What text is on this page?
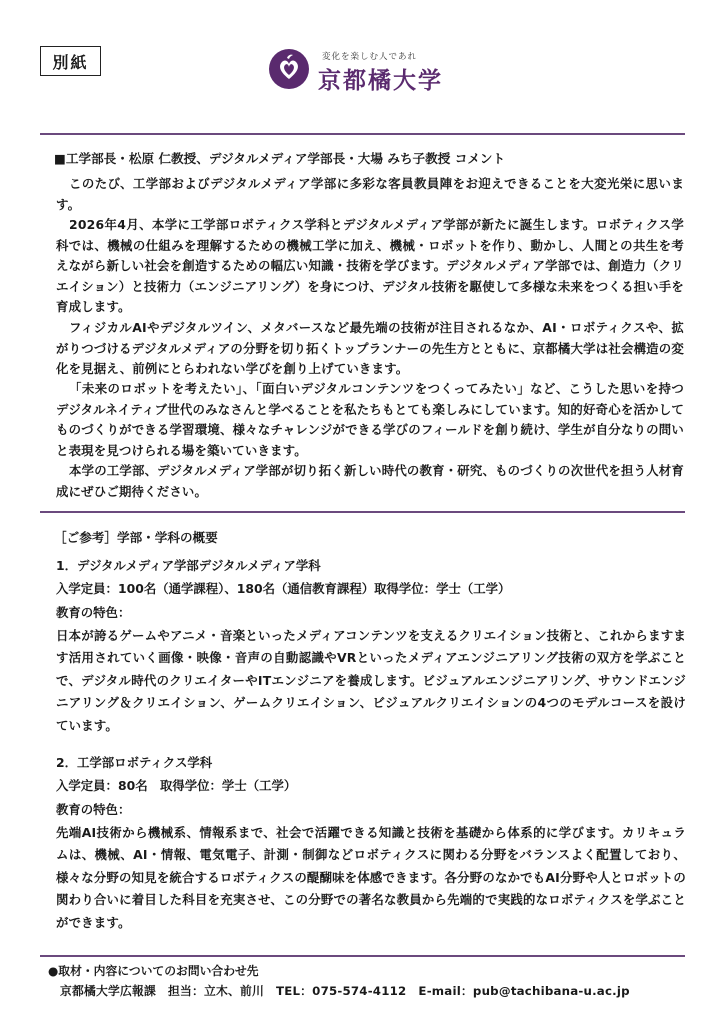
別紙	変化を楽しむ人であれ
京都橘大学
■工学部長・松原 仁教授、デジタルメディア学部長・大場 みち子教授 コメント

このたび、工学部およびデジタルメディア学部に多彩な客員教員陣をお迎えできることを大変光栄に思います。

2026年4月、本学に工学部ロボティクス学科とデジタルメディア学部が新たに誕生します。ロボティクス学科では、機械の仕組みを理解するための機械工学に加え、機械・ロボットを作り、動かし、人間との共生を考えながら新しい社会を創造するための幅広い知識・技術を学びます。デジタルメディア学部では、創造力（クリエイション）と技術力（エンジニアリング）を身につけ、デジタル技術を駆使して多様な未来をつくる担い手を育成します。

フィジカルAIやデジタルツイン、メタバースなど最先端の技術が注目されるなか、AI・ロボティクスや、拡がりつづけるデジタルメディアの分野を切り拓くトップランナーの先生方とともに、京都橘大学は社会構造の変化を見据え、前例にとらわれない学びを創り上げていきます。

「未来のロボットを考えたい」、「面白いデジタルコンテンツをつくってみたい」など、こうした思いを持つデジタルネイティブ世代のみなさんと学べることを私たちもとても楽しみにしています。知的好奇心を活かしてものづくりができる学習環境、様々なチャレンジができる学びのフィールドを創り続け、学生が自分なりの問いと表現を見つけられる場を築いていきます。

本学の工学部、デジタルメディア学部が切り拓く新しい時代の教育・研究、ものづくりの次世代を担う人材育成にぜひご期待ください。

［ご参考］学部・学科の概要
1．デジタルメディア学部デジタルメディア学科
入学定員：100名（通学課程）、180名（通信教育課程）取得学位：学士（工学）
教育の特色：

日本が誇るゲームやアニメ・音楽といったメディアコンテンツを支えるクリエイション技術と、これからますます活用されていく画像・映像・音声の自動認識やVRといったメディアエンジニアリング技術の双方を学ぶことで、デジタル時代のクリエイターやITエンジニアを養成します。ビジュアルエンジニアリング、サウンドエンジニアリング＆クリエイション、ゲームクリエイション、ビジュアルクリエイションの4つのモデルコースを設けています。

2．工学部ロボティクス学科
入学定員：80名　取得学位：学士（工学）
教育の特色：

先端AI技術から機械系、情報系まで、社会で活躍できる知識と技術を基礎から体系的に学びます。カリキュラムは、機械、AI・情報、電気電子、計測・制御などロボティクスに関わる分野をバランスよく配置しており、様々な分野の知見を統合するロボティクスの醍醐味を体感できます。各分野のなかでもAI分野や人とロボットの関わり合いに着目した科目を充実させ、この分野での著名な教員から先端的で実践的なロボティクスを学ぶことができます。

●取材・内容についてのお問い合わせ先
京都橘大学広報課　担当：立木、前川　TEL：075-574-4112　E-mail：pub@tachibana-u.ac.jp
